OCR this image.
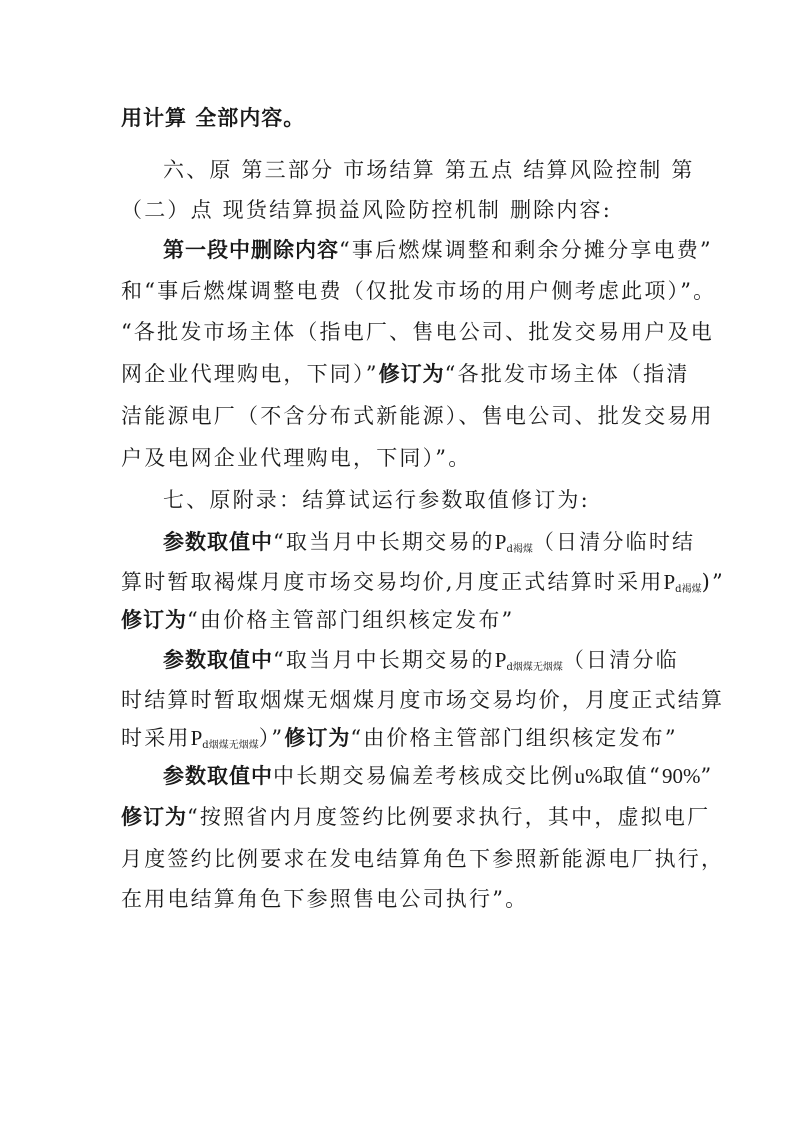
用计算 全部内容。
六、原 第三部分 市场结算 第五点 结算风险控制 第
（二）点 现货结算损益风险防控机制 删除内容:
第一段中删除内容“事后燃煤调整和剩余分摊分享电费”
和“事后燃煤调整电费（仅批发市场的用户侧考虑此项）”。
“各批发市场主体（指电厂、售电公司、批发交易用户及电
网企业代理购电，下同）”修订为“各批发市场主体（指清
洁能源电厂（不含分布式新能源）、售电公司、批发交易用
户及电网企业代理购电，下同）”。
七、原附录：结算试运行参数取值修订为:
参数取值中“取当月中长期交易的$P_{d褐煤}$（日清分临时结
算时暂取褐煤月度市场交易均价,月度正式结算时采用$P_{d褐煤}$)”
修订为“由价格主管部门组织核定发布”
参数取值中“取当月中长期交易的$P_{d烟煤无烟煤}$（日清分临
时结算时暂取烟煤无烟煤月度市场交易均价，月度正式结算
时采用$P_{d烟煤无烟煤}$）”修订为“由价格主管部门组织核定发布”
参数取值中中长期交易偏差考核成交比例u%取值“90%”
修订为“按照省内月度签约比例要求执行，其中，虚拟电厂
月度签约比例要求在发电结算角色下参照新能源电厂执行，
在用电结算角色下参照售电公司执行”。
